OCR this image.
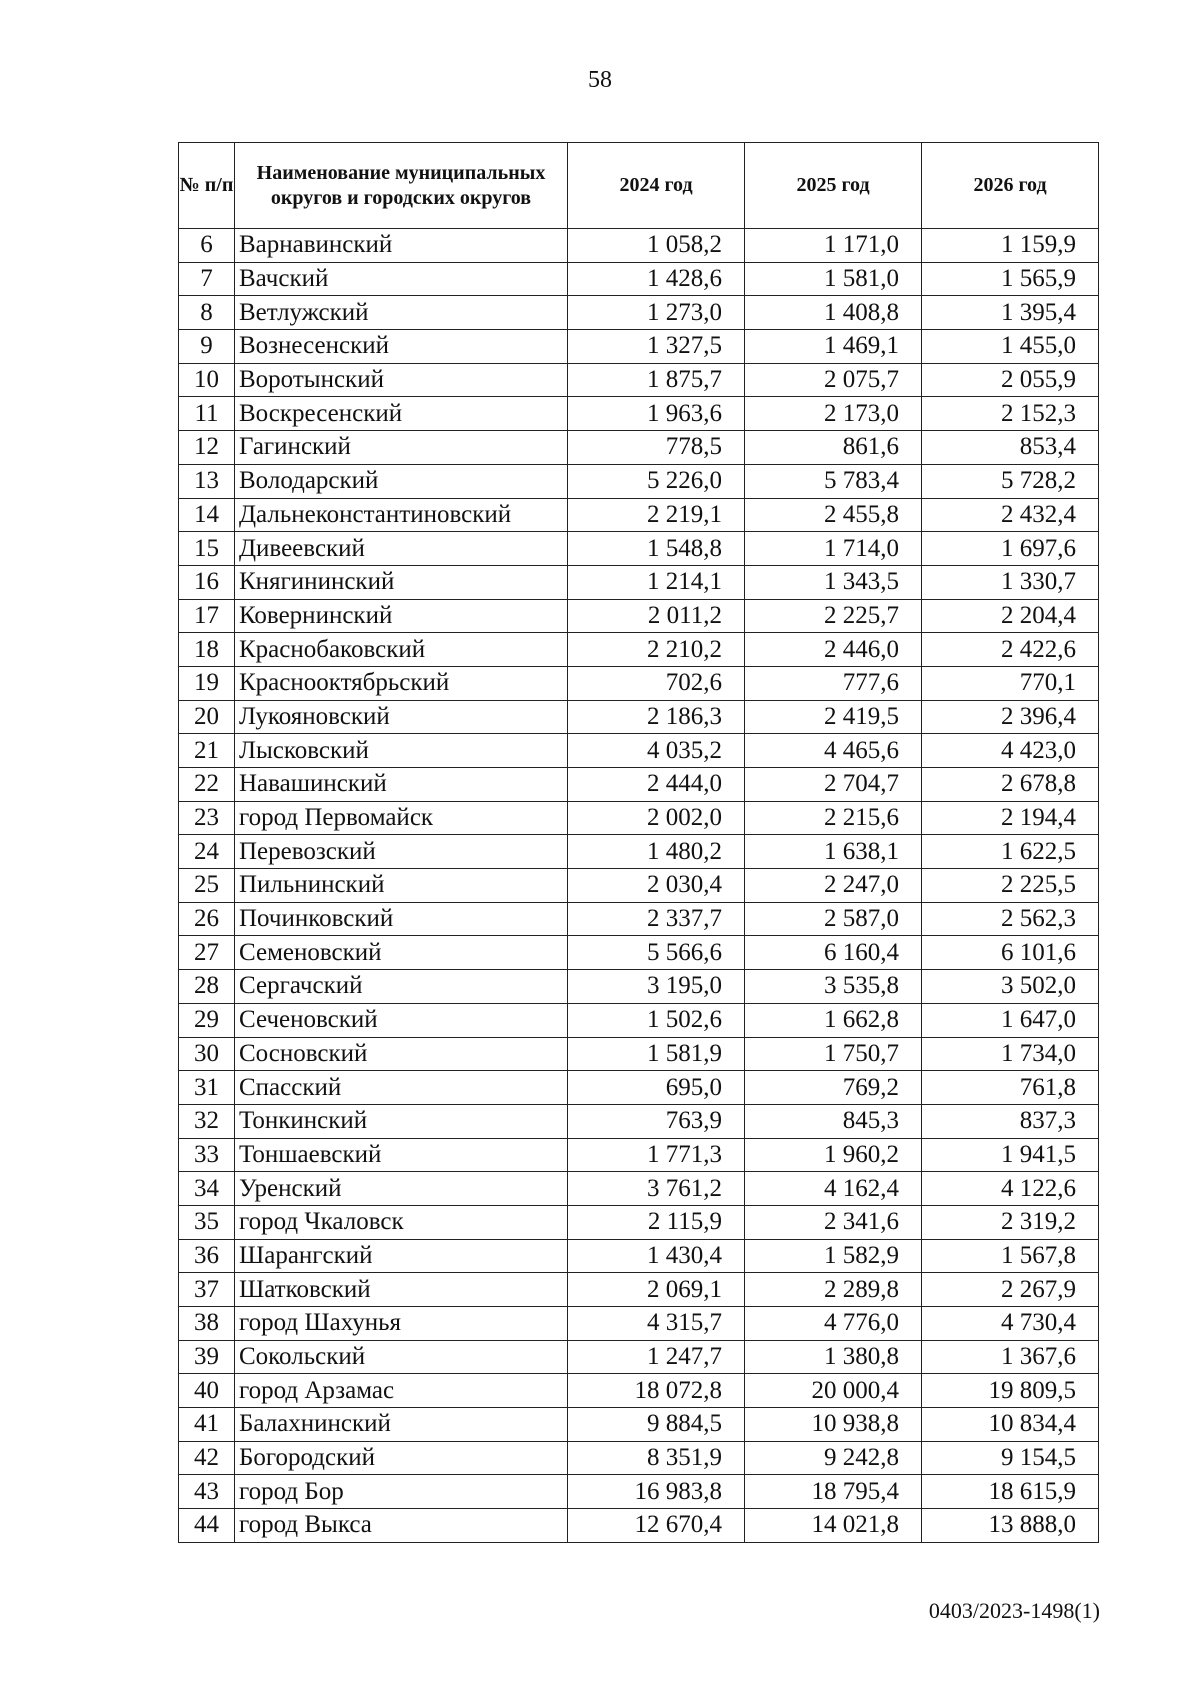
58
№ п/п	Наименование муниципальных округов и городских округов	2024 год	2025 год	2026 год
6	Варнавинский	1 058,2	1 171,0	1 159,9
7	Вачский	1 428,6	1 581,0	1 565,9
8	Ветлужский	1 273,0	1 408,8	1 395,4
9	Вознесенский	1 327,5	1 469,1	1 455,0
10	Воротынский	1 875,7	2 075,7	2 055,9
11	Воскресенский	1 963,6	2 173,0	2 152,3
12	Гагинский	778,5	861,6	853,4
13	Володарский	5 226,0	5 783,4	5 728,2
14	Дальнеконстантиновский	2 219,1	2 455,8	2 432,4
15	Дивеевский	1 548,8	1 714,0	1 697,6
16	Княгининский	1 214,1	1 343,5	1 330,7
17	Ковернинский	2 011,2	2 225,7	2 204,4
18	Краснобаковский	2 210,2	2 446,0	2 422,6
19	Краснооктябрьский	702,6	777,6	770,1
20	Лукояновский	2 186,3	2 419,5	2 396,4
21	Лысковский	4 035,2	4 465,6	4 423,0
22	Навашинский	2 444,0	2 704,7	2 678,8
23	город Первомайск	2 002,0	2 215,6	2 194,4
24	Перевозский	1 480,2	1 638,1	1 622,5
25	Пильнинский	2 030,4	2 247,0	2 225,5
26	Починковский	2 337,7	2 587,0	2 562,3
27	Семеновский	5 566,6	6 160,4	6 101,6
28	Сергачский	3 195,0	3 535,8	3 502,0
29	Сеченовский	1 502,6	1 662,8	1 647,0
30	Сосновский	1 581,9	1 750,7	1 734,0
31	Спасский	695,0	769,2	761,8
32	Тонкинский	763,9	845,3	837,3
33	Тоншаевский	1 771,3	1 960,2	1 941,5
34	Уренский	3 761,2	4 162,4	4 122,6
35	город Чкаловск	2 115,9	2 341,6	2 319,2
36	Шарангский	1 430,4	1 582,9	1 567,8
37	Шатковский	2 069,1	2 289,8	2 267,9
38	город Шахунья	4 315,7	4 776,0	4 730,4
39	Сокольский	1 247,7	1 380,8	1 367,6
40	город Арзамас	18 072,8	20 000,4	19 809,5
41	Балахнинский	9 884,5	10 938,8	10 834,4
42	Богородский	8 351,9	9 242,8	9 154,5
43	город Бор	16 983,8	18 795,4	18 615,9
44	город Выкса	12 670,4	14 021,8	13 888,0
0403/2023-1498(1)
